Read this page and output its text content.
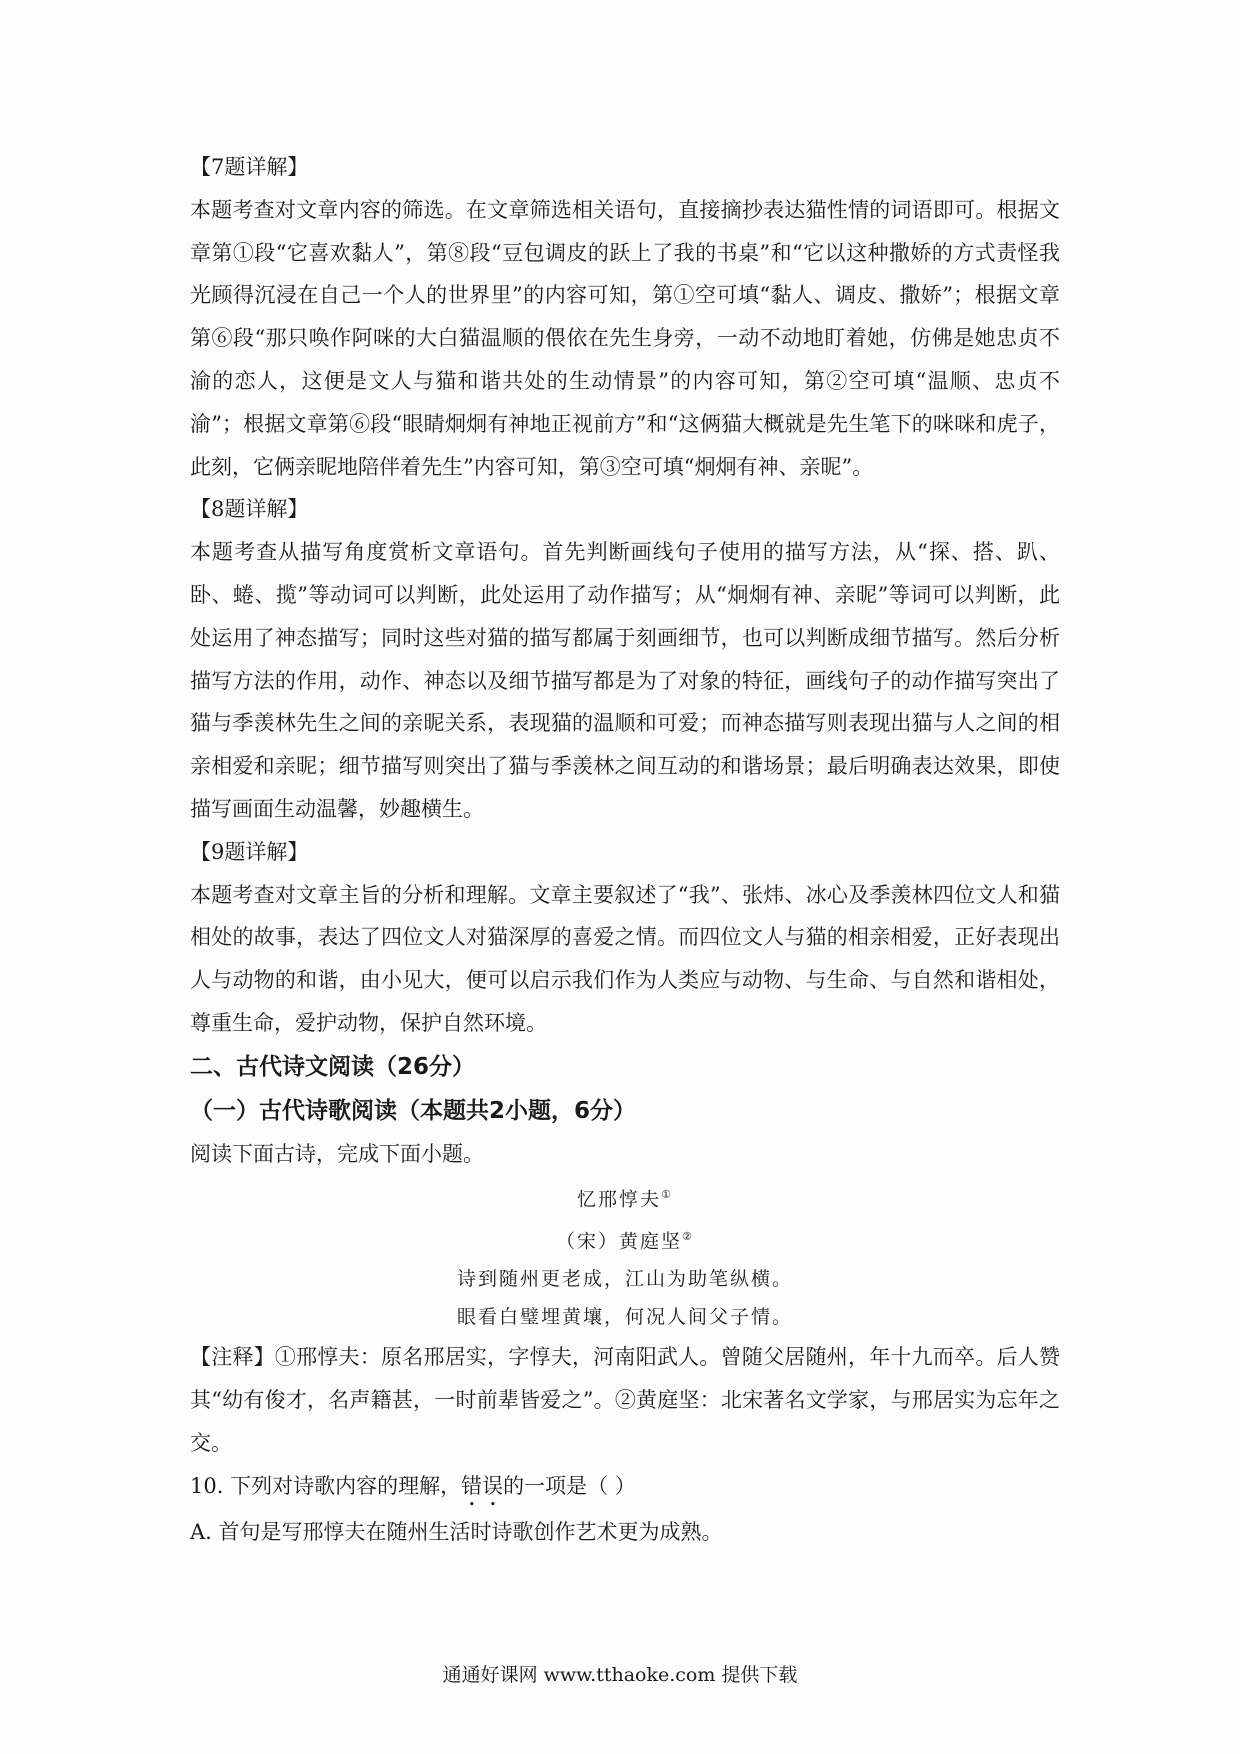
【7题详解】

本题考查对文章内容的筛选。在文章筛选相关语句，直接摘抄表达猫性情的词语即可。根据文章第①段“它喜欢黏人”，第⑧段“豆包调皮的跃上了我的书桌”和“它以这种撒娇的方式责怪我光顾得沉浸在自己一个人的世界里”的内容可知，第①空可填“黏人、调皮、撒娇”；根据文章第⑥段“那只唤作阿咪的大白猫温顺的偎依在先生身旁，一动不动地盯着她，仿佛是她忠贞不渝的恋人，这便是文人与猫和谐共处的生动情景”的内容可知，第②空可填“温顺、忠贞不渝”；根据文章第⑥段“眼睛炯炯有神地正视前方”和“这俩猫大概就是先生笔下的咪咪和虎子，此刻，它俩亲昵地陪伴着先生”内容可知，第③空可填“炯炯有神、亲昵”。

【8题详解】

本题考查从描写角度赏析文章语句。首先判断画线句子使用的描写方法，从“探、搭、趴、卧、蜷、揽”等动词可以判断，此处运用了动作描写；从“炯炯有神、亲昵”等词可以判断，此处运用了神态描写；同时这些对猫的描写都属于刻画细节，也可以判断成细节描写。然后分析描写方法的作用，动作、神态以及细节描写都是为了对象的特征，画线句子的动作描写突出了猫与季羡林先生之间的亲昵关系，表现猫的温顺和可爱；而神态描写则表现出猫与人之间的相亲相爱和亲昵；细节描写则突出了猫与季羡林之间互动的和谐场景；最后明确表达效果，即使描写画面生动温馨，妙趣横生。

【9题详解】

本题考查对文章主旨的分析和理解。文章主要叙述了“我”、张炜、冰心及季羡林四位文人和猫相处的故事，表达了四位文人对猫深厚的喜爱之情。而四位文人与猫的相亲相爱，正好表现出人与动物的和谐，由小见大，便可以启示我们作为人类应与动物、与生命、与自然和谐相处，尊重生命，爱护动物，保护自然环境。

二、古代诗文阅读（26分）

（一）古代诗歌阅读（本题共2小题，6分）

阅读下面古诗，完成下面小题。

忆邢惇夫①

（宋）黄庭坚②

诗到随州更老成，江山为助笔纵横。

眼看白璧埋黄壤，何况人间父子情。

【注释】①邢惇夫：原名邢居实，字惇夫，河南阳武人。曾随父居随州，年十九而卒。后人赞其“幼有俊才，名声籍甚，一时前辈皆爱之”。②黄庭坚：北宋著名文学家，与邢居实为忘年之交。

10. 下列对诗歌内容的理解，错误的一项是（ ）

A. 首句是写邢惇夫在随州生活时诗歌创作艺术更为成熟。

通通好课网 www.tthaoke.com 提供下载
